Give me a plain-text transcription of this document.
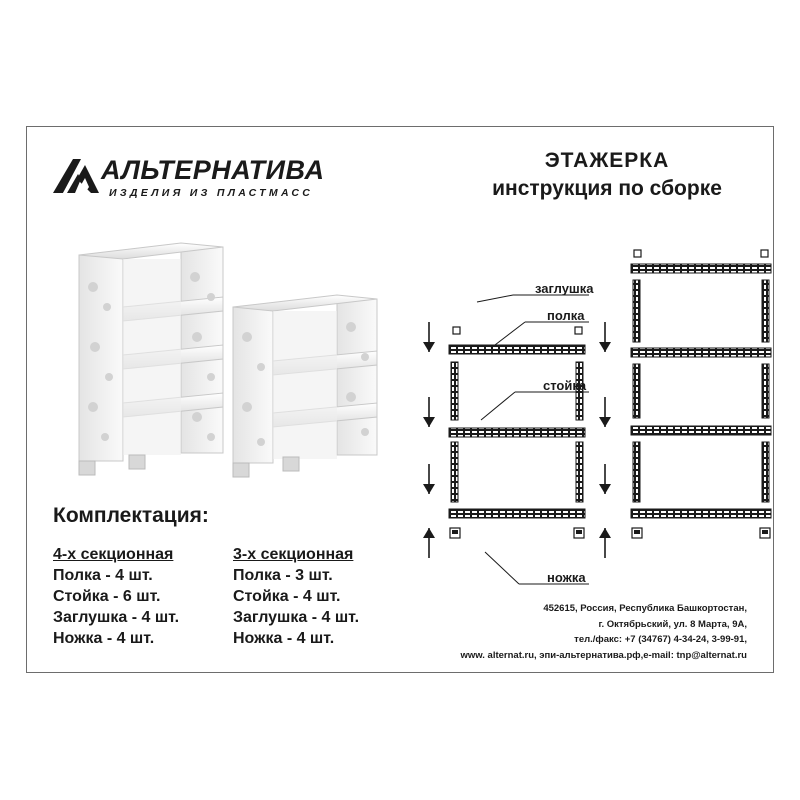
АЛЬТЕРНАТИВА
ИЗДЕЛИЯ ИЗ ПЛАСТМАСС
ЭТАЖЕРКА
инструкция по сборке
Комплектация:
4-х секционная
Полка - 4 шт.
Стойка - 6 шт.
Заглушка - 4 шт.
Ножка - 4 шт.
3-х секционная
Полка - 3 шт.
Стойка - 4 шт.
Заглушка - 4 шт.
Ножка - 4 шт.
заглушка
полка
стойка
ножка
452615, Россия, Республика Башкортостан,
г. Октябрьский, ул. 8 Марта, 9А,
тел./факс: +7 (34767) 4-34-24, 3-99-91,
www. alternat.ru, эпи-альтернатива.рф,e-mail: tnp@alternat.ru
